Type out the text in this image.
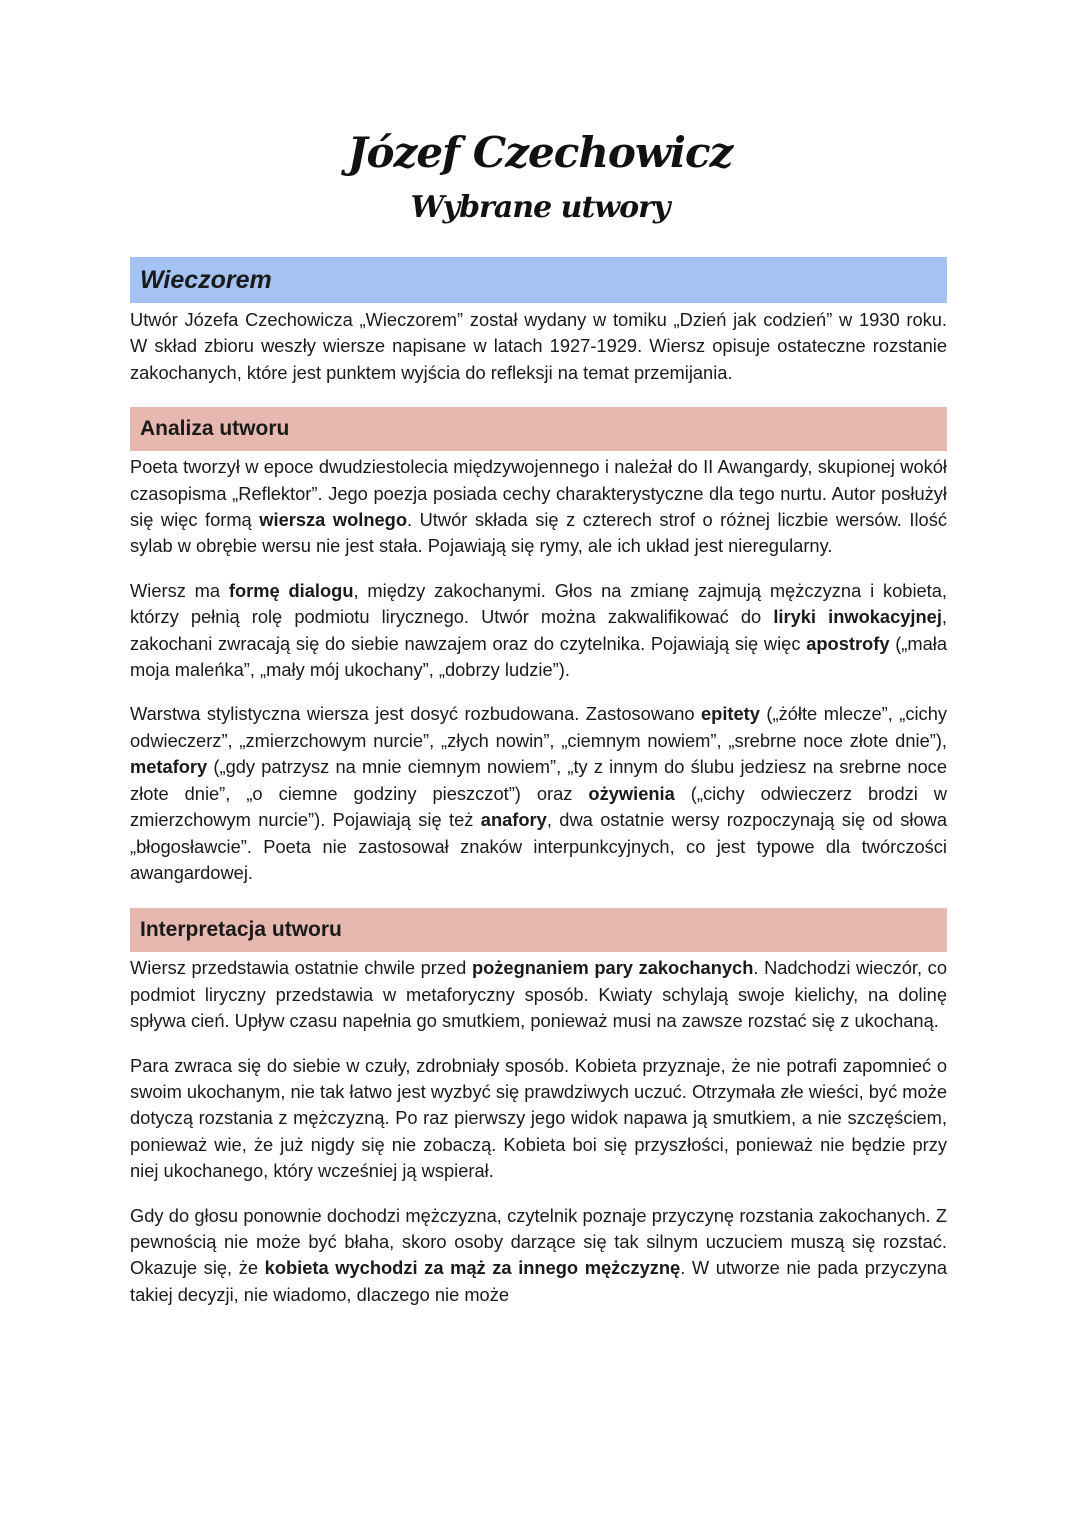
Józef Czechowicz
Wybrane utwory
Wieczorem

Utwór Józefa Czechowicza „Wieczorem” został wydany w tomiku „Dzień jak codzień” w 1930 roku. W skład zbioru weszły wiersze napisane w latach 1927-1929. Wiersz opisuje ostateczne rozstanie zakochanych, które jest punktem wyjścia do refleksji na temat przemijania.

Analiza utworu

Poeta tworzył w epoce dwudziestolecia międzywojennego i należał do II Awangardy, skupionej wokół czasopisma „Reflektor”. Jego poezja posiada cechy charakterystyczne dla tego nurtu. Autor posłużył się więc formą wiersza wolnego. Utwór składa się z czterech strof o różnej liczbie wersów. Ilość sylab w obrębie wersu nie jest stała. Pojawiają się rymy, ale ich układ jest nieregularny.

Wiersz ma formę dialogu, między zakochanymi. Głos na zmianę zajmują mężczyzna i kobieta, którzy pełnią rolę podmiotu lirycznego. Utwór można zakwalifikować do liryki inwokacyjnej, zakochani zwracają się do siebie nawzajem oraz do czytelnika. Pojawiają się więc apostrofy („mała moja maleńka”, „mały mój ukochany”, „dobrzy ludzie”).

Warstwa stylistyczna wiersza jest dosyć rozbudowana. Zastosowano epitety („żółte mlecze”, „cichy odwieczerz”, „zmierzchowym nurcie”, „złych nowin”, „ciemnym nowiem”, „srebrne noce złote dnie”), metafory („gdy patrzysz na mnie ciemnym nowiem”, „ty z innym do ślubu jedziesz na srebrne noce złote dnie”, „o ciemne godziny pieszczot”) oraz ożywienia („cichy odwieczerz brodzi w zmierzchowym nurcie”). Pojawiają się też anafory, dwa ostatnie wersy rozpoczynają się od słowa „błogosławcie”. Poeta nie zastosował znaków interpunkcyjnych, co jest typowe dla twórczości awangardowej.

Interpretacja utworu

Wiersz przedstawia ostatnie chwile przed pożegnaniem pary zakochanych. Nadchodzi wieczór, co podmiot liryczny przedstawia w metaforyczny sposób. Kwiaty schylają swoje kielichy, na dolinę spływa cień. Upływ czasu napełnia go smutkiem, ponieważ musi na zawsze rozstać się z ukochaną.

Para zwraca się do siebie w czuły, zdrobniały sposób. Kobieta przyznaje, że nie potrafi zapomnieć o swoim ukochanym, nie tak łatwo jest wyzbyć się prawdziwych uczuć. Otrzymała złe wieści, być może dotyczą rozstania z mężczyzną. Po raz pierwszy jego widok napawa ją smutkiem, a nie szczęściem, ponieważ wie, że już nigdy się nie zobaczą. Kobieta boi się przyszłości, ponieważ nie będzie przy niej ukochanego, który wcześniej ją wspierał.

Gdy do głosu ponownie dochodzi mężczyzna, czytelnik poznaje przyczynę rozstania zakochanych. Z pewnością nie może być błaha, skoro osoby darzące się tak silnym uczuciem muszą się rozstać. Okazuje się, że kobieta wychodzi za mąż za innego mężczyznę. W utworze nie pada przyczyna takiej decyzji, nie wiadomo, dlaczego nie może
